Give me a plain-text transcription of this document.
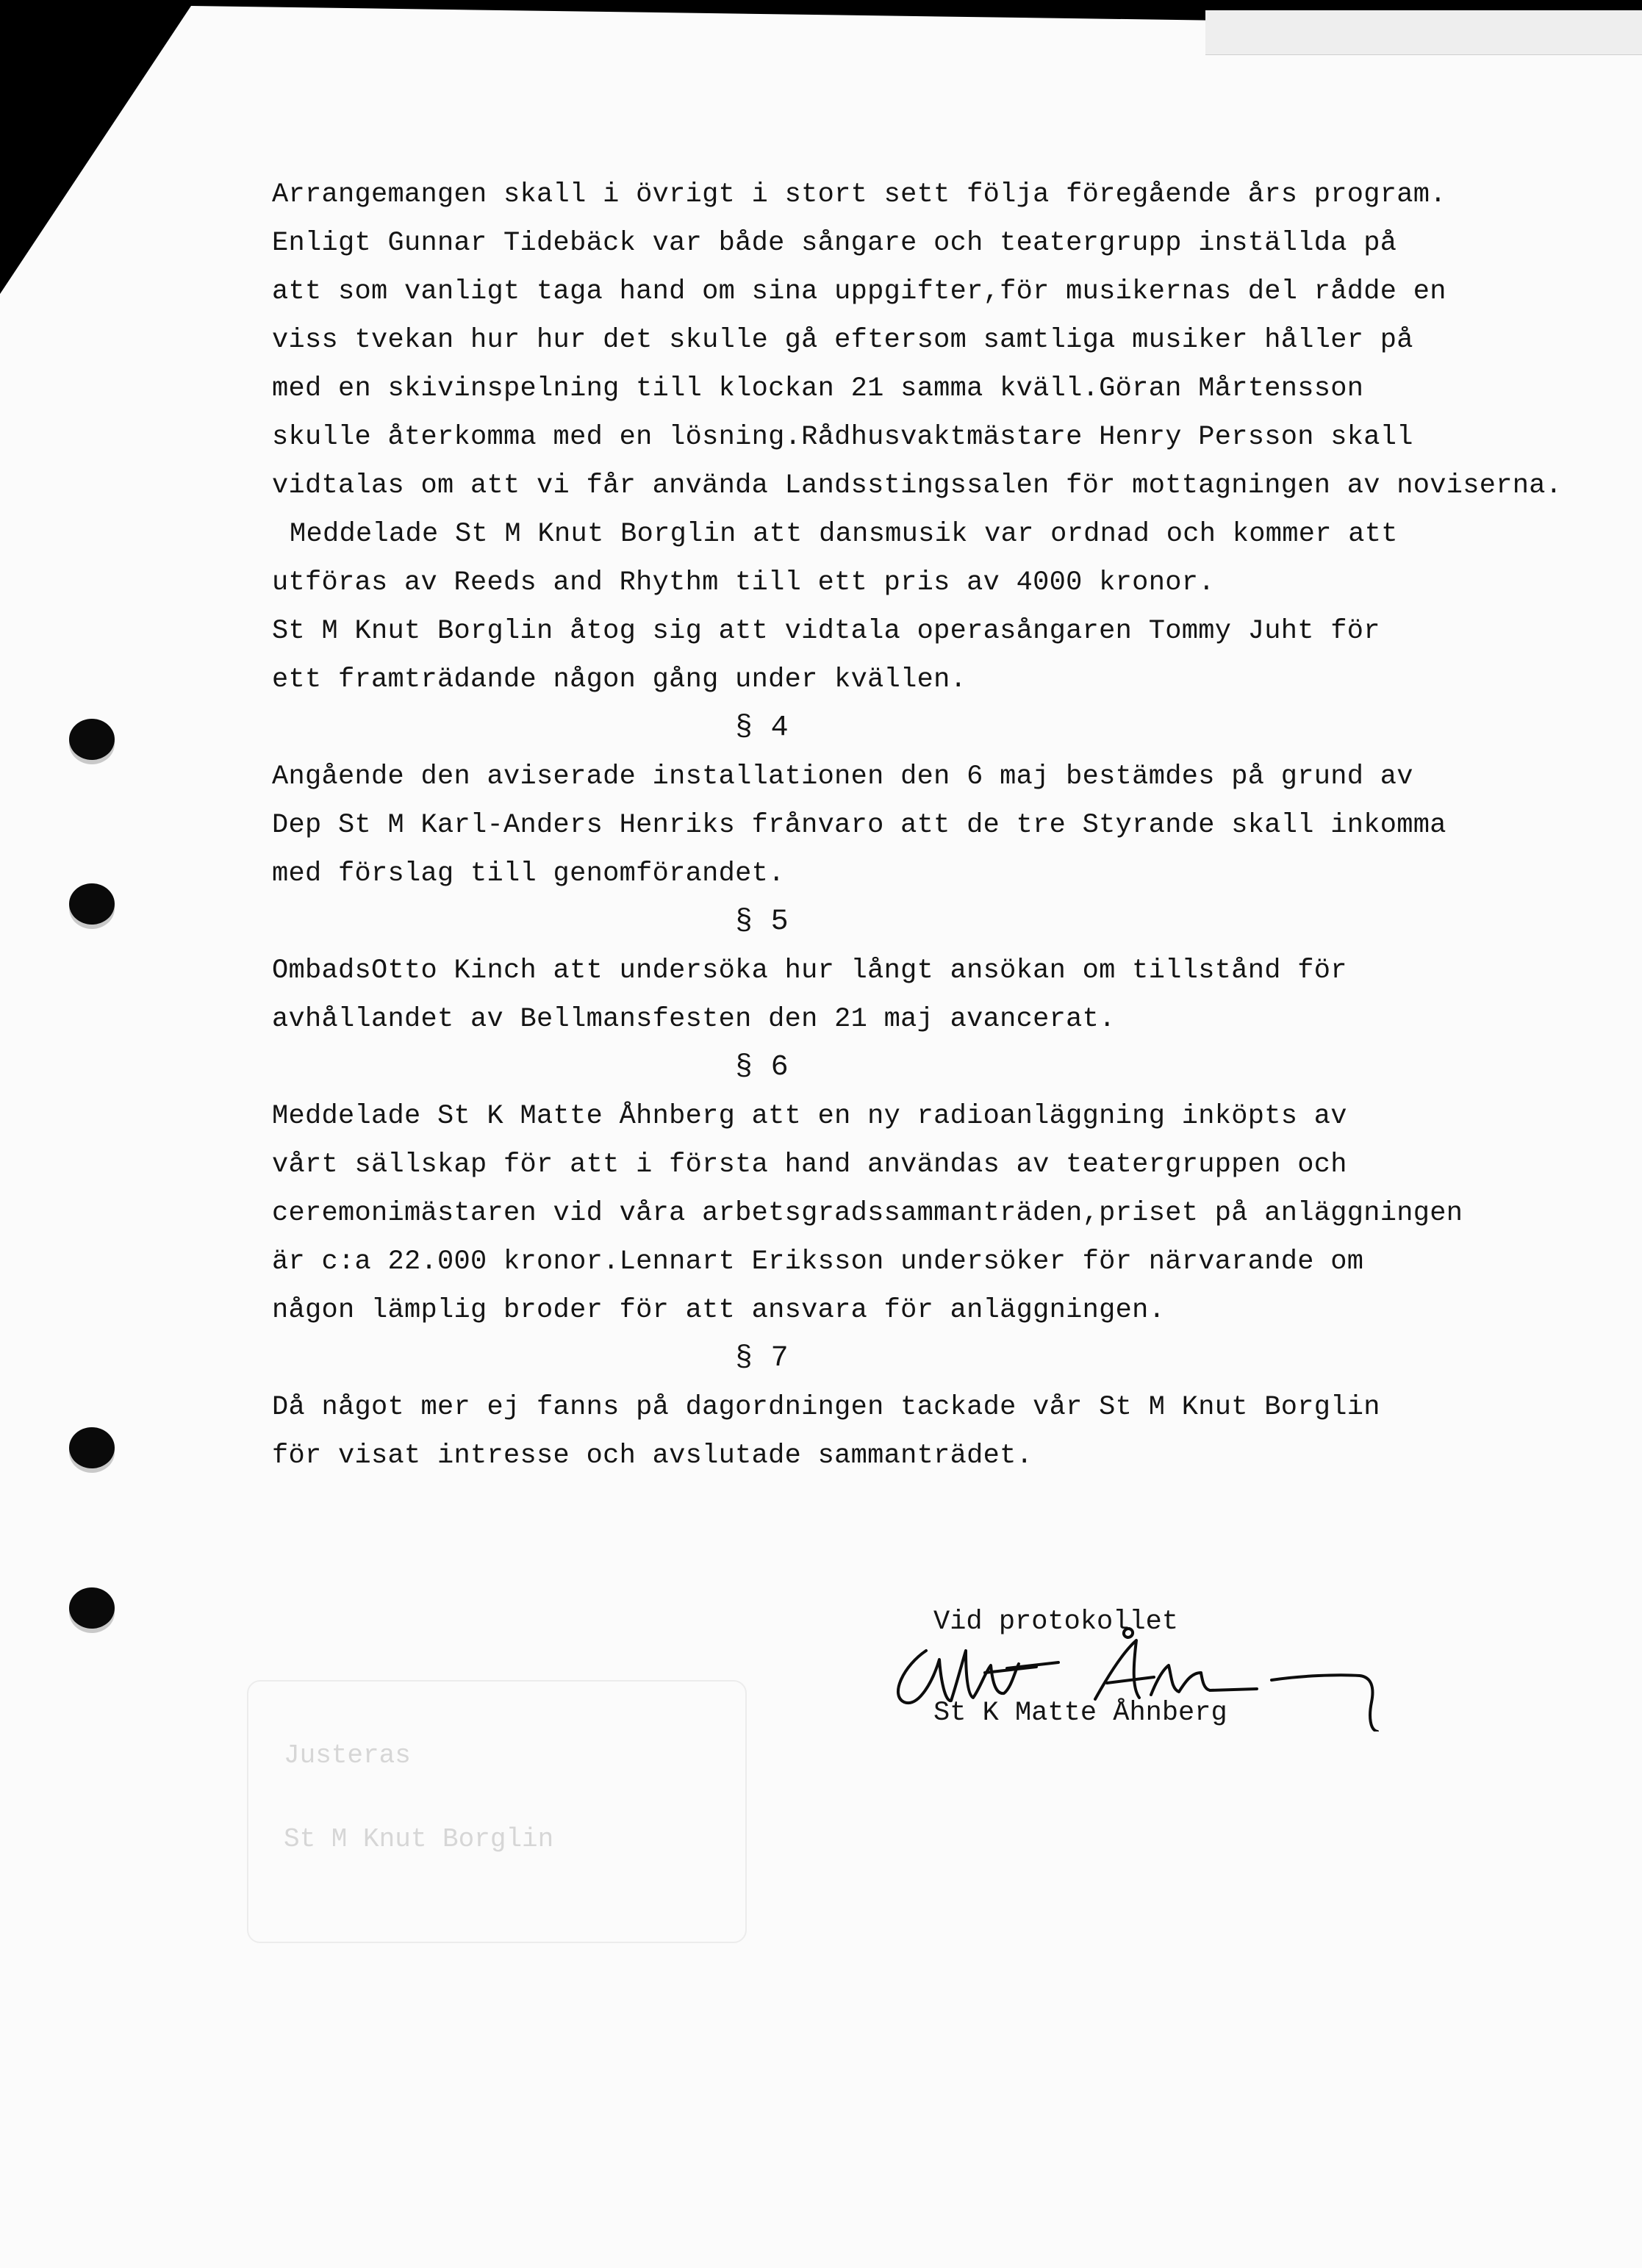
Justeras
St M Knut Borglin
Arrangemangen skall i övrigt i stort sett följa föregående års program.
Enligt Gunnar Tidebäck var både sångare och teatergrupp inställda på
att som vanligt taga hand om sina uppgifter,för musikernas del rådde en
viss tvekan hur hur det skulle gå eftersom samtliga musiker håller på
med en skivinspelning till klockan 21 samma kväll.Göran Mårtensson
skulle återkomma med en lösning.Rådhusvaktmästare Henry Persson skall
vidtalas om att vi får använda Landsstingssalen för mottagningen av noviserna.
Meddelade St M Knut Borglin att dansmusik var ordnad och kommer att
utföras av Reeds and Rhythm till ett pris av 4000 kronor.
St M Knut Borglin åtog sig att vidtala operasångaren Tommy Juht för
ett framträdande någon gång under kvällen.
§ 4
Angående den aviserade installationen den 6 maj bestämdes på grund av
Dep St M Karl-Anders Henriks frånvaro att de tre Styrande skall inkomma
med förslag till genomförandet.
§ 5
OmbadsOtto Kinch att undersöka hur långt ansökan om tillstånd för
avhållandet av Bellmansfesten den 21 maj avancerat.
§ 6
Meddelade St K Matte Åhnberg att en ny radioanläggning inköpts av
vårt sällskap för att i första hand användas av teatergruppen och
ceremonimästaren vid våra arbetsgradssammanträden,priset på anläggningen
är c:a 22.000 kronor.Lennart Eriksson undersöker för närvarande om
någon lämplig broder för att ansvara för anläggningen.
§ 7
Då något mer ej fanns på dagordningen tackade vår St M Knut Borglin
för visat intresse och avslutade sammanträdet.
Vid protokollet
St K Matte Åhnberg
